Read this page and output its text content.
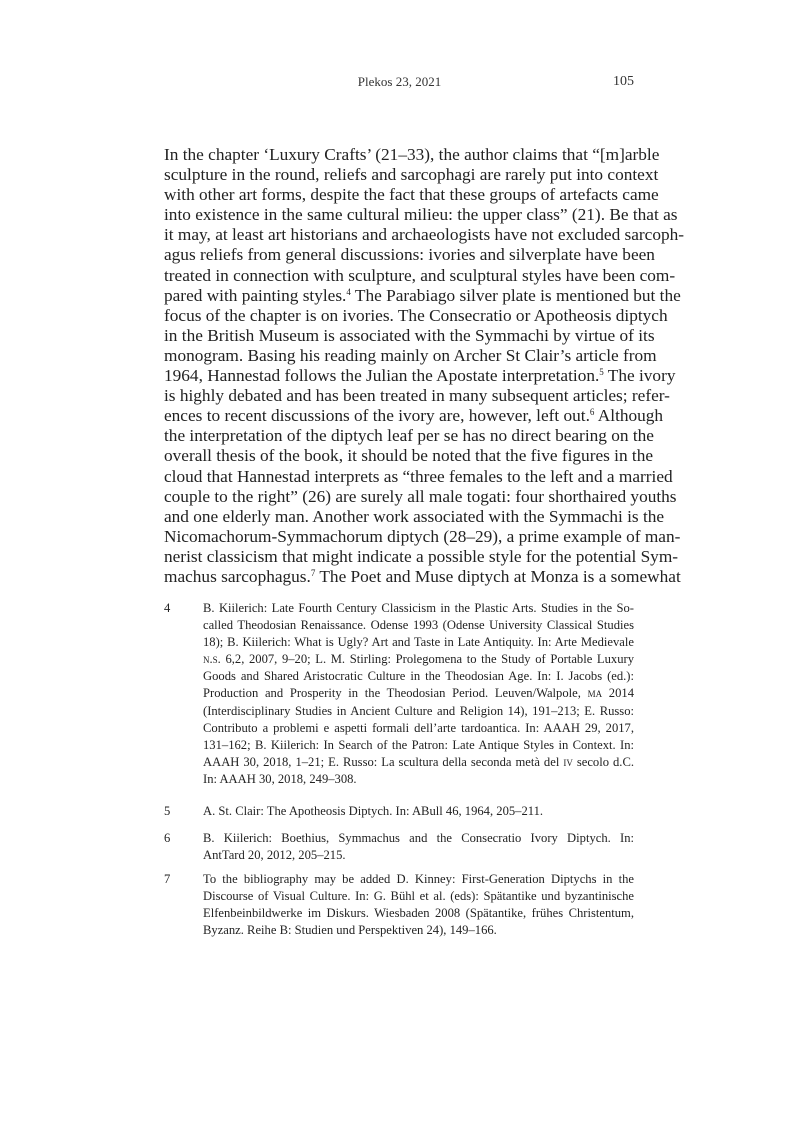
Plekos 23, 2021	105
In the chapter ‘Luxury Crafts’ (21–33), the author claims that “[m]arble
sculpture in the round, reliefs and sarcophagi are rarely put into context
with other art forms, despite the fact that these groups of artefacts came
into existence in the same cultural milieu: the upper class” (21). Be that as
it may, at least art historians and archaeologists have not excluded sarcoph-
agus reliefs from general discussions: ivories and silverplate have been
treated in connection with sculpture, and sculptural styles have been com-
pared with painting styles.$^4$ The Parabiago silver plate is mentioned but the
focus of the chapter is on ivories. The Consecratio or Apotheosis diptych
in the British Museum is associated with the Symmachi by virtue of its
monogram. Basing his reading mainly on Archer St Clair’s article from
1964, Hannestad follows the Julian the Apostate interpretation.$^5$ The ivory
is highly debated and has been treated in many subsequent articles; refer-
ences to recent discussions of the ivory are, however, left out.$^6$ Although
the interpretation of the diptych leaf per se has no direct bearing on the
overall thesis of the book, it should be noted that the five figures in the
cloud that Hannestad interprets as “three females to the left and a married
couple to the right” (26) are surely all male togati: four shorthaired youths
and one elderly man. Another work associated with the Symmachi is the
Nicomachorum-Symmachorum diptych (28–29), a prime example of man-
nerist classicism that might indicate a possible style for the potential Sym-
machus sarcophagus.$^7$ The Poet and Muse diptych at Monza is a somewhat
4	B. Kiilerich: Late Fourth Century Classicism in the Plastic Arts. Studies in the So-
called Theodosian Renaissance. Odense 1993 (Odense University Classical Studies
18); B. Kiilerich: What is Ugly? Art and Taste in Late Antiquity. In: Arte Medievale
n.s. 6,2, 2007, 9–20; L. M. Stirling: Prolegomena to the Study of Portable Luxury
Goods and Shared Aristocratic Culture in the Theodosian Age. In: I. Jacobs (ed.):
Production and Prosperity in the Theodosian Period. Leuven/Walpole, ma 2014
(Interdisciplinary Studies in Ancient Culture and Religion 14), 191–213; E. Russo:
Contributo a problemi e aspetti formali dell’arte tardoantica. In: AAAH 29, 2017,
131–162; B. Kiilerich: In Search of the Patron: Late Antique Styles in Context. In:
AAAH 30, 2018, 1–21; E. Russo: La scultura della seconda metà del iv secolo d.C.
In: AAAH 30, 2018, 249–308.
5	A. St. Clair: The Apotheosis Diptych. In: ABull 46, 1964, 205–211.
6	B. Kiilerich: Boethius, Symmachus and the Consecratio Ivory Diptych. In:
AntTard 20, 2012, 205–215.
7	To the bibliography may be added D. Kinney: First-Generation Diptychs in the
Discourse of Visual Culture. In: G. Bühl et al. (eds): Spätantike und byzantinische
Elfenbeinbildwerke im Diskurs. Wiesbaden 2008 (Spätantike, frühes Christentum,
Byzanz. Reihe B: Studien und Perspektiven 24), 149–166.
